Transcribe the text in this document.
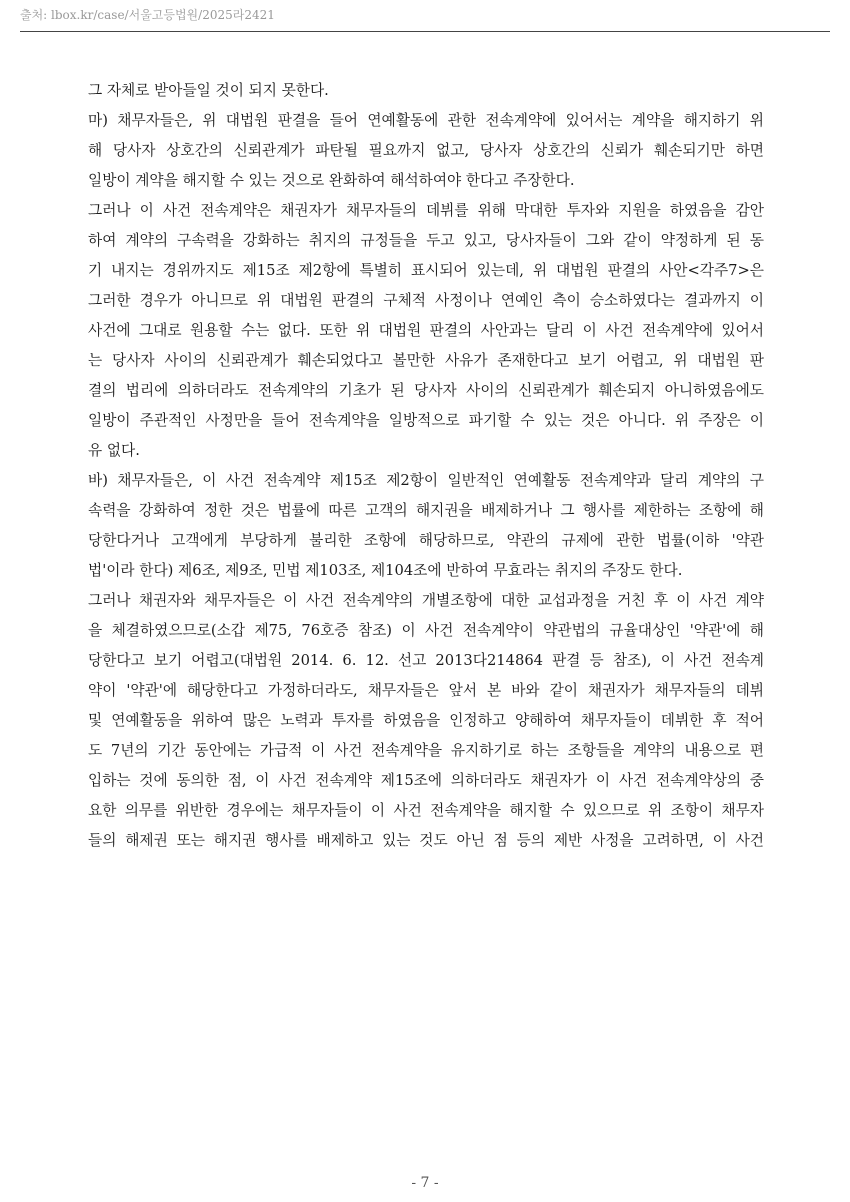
출처: lbox.kr/case/서울고등법원/2025라2421
그 자체로 받아들일 것이 되지 못한다.
마) 채무자들은, 위 대법원 판결을 들어 연예활동에 관한 전속계약에 있어서는 계약을 해지하기 위
해 당사자 상호간의 신뢰관계가 파탄될 필요까지 없고, 당사자 상호간의 신뢰가 훼손되기만 하면
일방이 계약을 해지할 수 있는 것으로 완화하여 해석하여야 한다고 주장한다.
그러나 이 사건 전속계약은 채권자가 채무자들의 데뷔를 위해 막대한 투자와 지원을 하였음을 감안
하여 계약의 구속력을 강화하는 취지의 규정들을 두고 있고, 당사자들이 그와 같이 약정하게 된 동
기 내지는 경위까지도 제15조 제2항에 특별히 표시되어 있는데, 위 대법원 판결의 사안<각주7>은
그러한 경우가 아니므로 위 대법원 판결의 구체적 사정이나 연예인 측이 승소하였다는 결과까지 이
사건에 그대로 원용할 수는 없다. 또한 위 대법원 판결의 사안과는 달리 이 사건 전속계약에 있어서
는 당사자 사이의 신뢰관계가 훼손되었다고 볼만한 사유가 존재한다고 보기 어렵고, 위 대법원 판
결의 법리에 의하더라도 전속계약의 기초가 된 당사자 사이의 신뢰관계가 훼손되지 아니하였음에도
일방이 주관적인 사정만을 들어 전속계약을 일방적으로 파기할 수 있는 것은 아니다. 위 주장은 이
유 없다.
바) 채무자들은, 이 사건 전속계약 제15조 제2항이 일반적인 연예활동 전속계약과 달리 계약의 구
속력을 강화하여 정한 것은 법률에 따른 고객의 해지권을 배제하거나 그 행사를 제한하는 조항에 해
당한다거나 고객에게 부당하게 불리한 조항에 해당하므로, 약관의 규제에 관한 법률(이하 '약관
법'이라 한다) 제6조, 제9조, 민법 제103조, 제104조에 반하여 무효라는 취지의 주장도 한다.
그러나 채권자와 채무자들은 이 사건 전속계약의 개별조항에 대한 교섭과정을 거친 후 이 사건 계약
을 체결하였으므로(소갑 제75, 76호증 참조) 이 사건 전속계약이 약관법의 규율대상인 '약관'에 해
당한다고 보기 어렵고(대법원 2014. 6. 12. 선고 2013다214864 판결 등 참조), 이 사건 전속계
약이 '약관'에 해당한다고 가정하더라도, 채무자들은 앞서 본 바와 같이 채권자가 채무자들의 데뷔
및 연예활동을 위하여 많은 노력과 투자를 하였음을 인정하고 양해하여 채무자들이 데뷔한 후 적어
도 7년의 기간 동안에는 가급적 이 사건 전속계약을 유지하기로 하는 조항들을 계약의 내용으로 편
입하는 것에 동의한 점, 이 사건 전속계약 제15조에 의하더라도 채권자가 이 사건 전속계약상의 중
요한 의무를 위반한 경우에는 채무자들이 이 사건 전속계약을 해지할 수 있으므로 위 조항이 채무자
들의 해제권 또는 해지권 행사를 배제하고 있는 것도 아닌 점 등의 제반 사정을 고려하면, 이 사건
- 7 -
